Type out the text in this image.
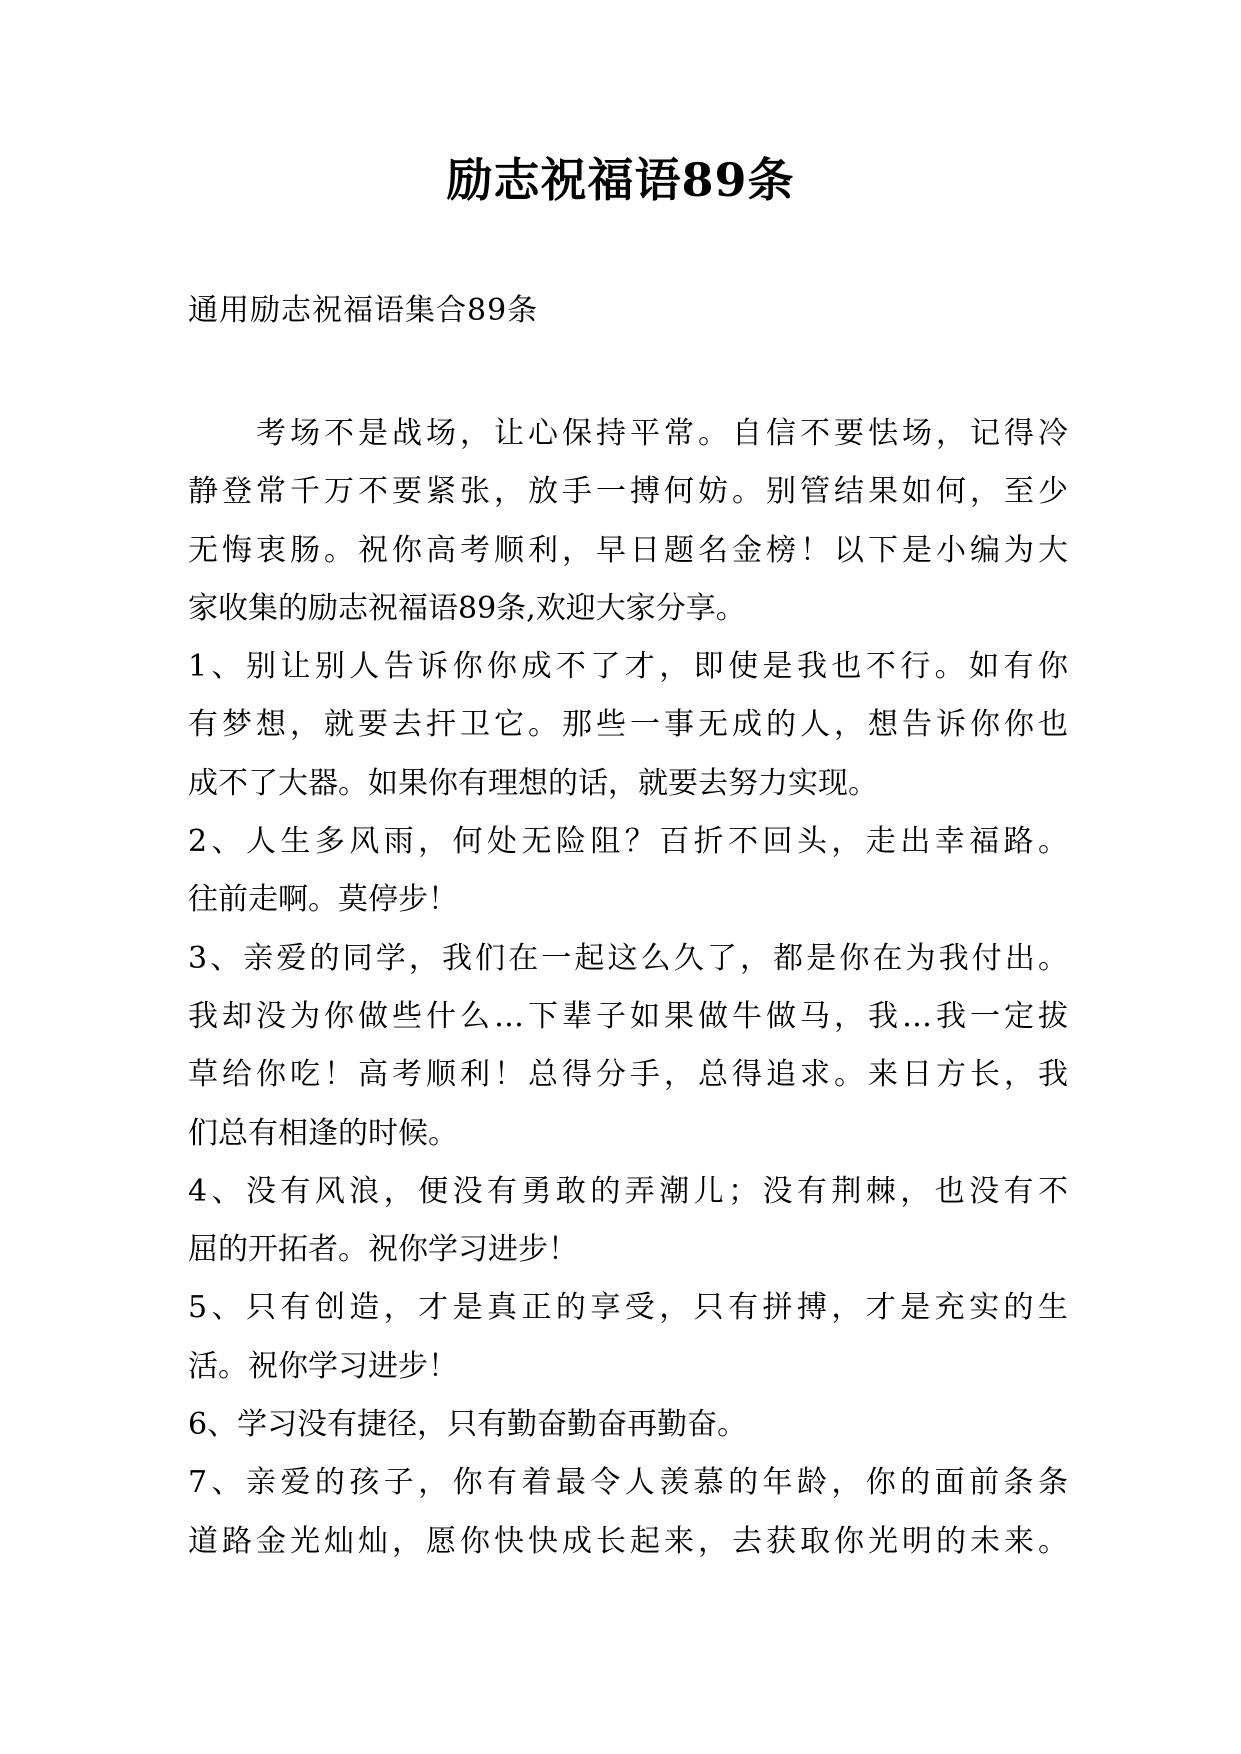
励志祝福语89条
通用励志祝福语集合89条
考场不是战场，让心保持平常。自信不要怯场，记得冷
静登常千万不要紧张，放手一搏何妨。别管结果如何，至少
无悔衷肠。祝你高考顺利，早日题名金榜！以下是小编为大
家收集的励志祝福语89条,欢迎大家分享。
1、别让别人告诉你你成不了才，即使是我也不行。如有你
有梦想，就要去扞卫它。那些一事无成的人，想告诉你你也
成不了大器。如果你有理想的话，就要去努力实现。
2、人生多风雨，何处无险阻？百折不回头，走出幸福路。
往前走啊。莫停步！
3、亲爱的同学，我们在一起这么久了，都是你在为我付出。
我却没为你做些什么…下辈子如果做牛做马，我…我一定拔
草给你吃！高考顺利！总得分手，总得追求。来日方长，我
们总有相逢的时候。
4、没有风浪，便没有勇敢的弄潮儿；没有荆棘，也没有不
屈的开拓者。祝你学习进步！
5、只有创造，才是真正的享受，只有拼搏，才是充实的生
活。祝你学习进步！
6、学习没有捷径，只有勤奋勤奋再勤奋。
7、亲爱的孩子，你有着最令人羡慕的年龄，你的面前条条
道路金光灿灿，愿你快快成长起来，去获取你光明的未来。
